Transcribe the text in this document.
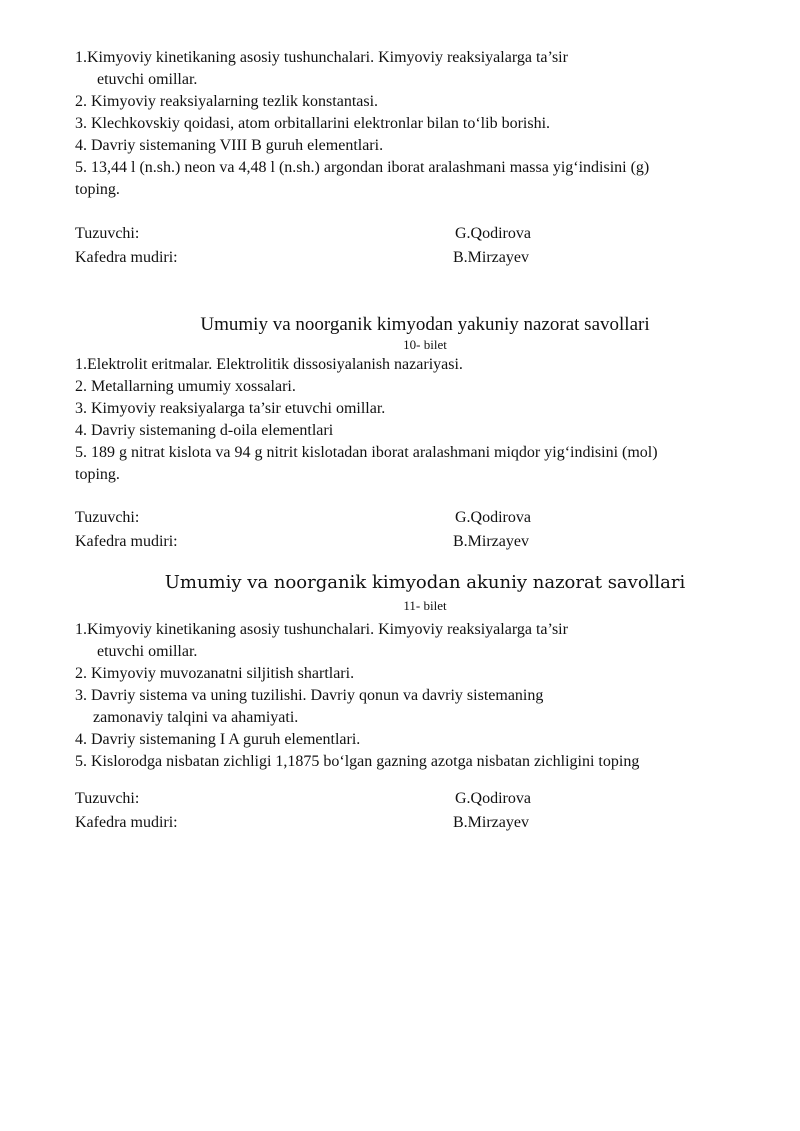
1.Kimyoviy kinetikaning asosiy tushunchalari. Kimyoviy reaksiyalarga ta’sir
etuvchi omillar.
2. Kimyoviy reaksiyalarning tezlik konstantasi.
3. Klechkovskiy qoidasi, atom orbitallarini elektronlar bilan to‘lib borishi.
4. Davriy sistemaning VIII B guruh elementlari.
5. 13,44 l (n.sh.) neon va 4,48 l (n.sh.) argondan iborat aralashmani massa yig‘indisini (g)
toping.
Tuzuvchi:	G.Qodirova
Kafedra mudiri:	B.Mirzayev
Umumiy va noorganik kimyodan yakuniy nazorat savollari
10- bilet
1.Elektrolit eritmalar. Elektrolitik dissosiyalanish nazariyasi.
2. Metallarning umumiy xossalari.
3. Kimyoviy reaksiyalarga ta’sir etuvchi omillar.
4. Davriy sistemaning d-oila elementlari
5. 189 g nitrat kislota va 94 g nitrit kislotadan iborat aralashmani miqdor yig‘indisini (mol)
toping.
Tuzuvchi:	G.Qodirova
Kafedra mudiri:	B.Mirzayev
Umumiy va noorganik kimyodan akuniy nazorat savollari
11- bilet
1.Kimyoviy kinetikaning asosiy tushunchalari. Kimyoviy reaksiyalarga ta’sir
etuvchi omillar.
2. Kimyoviy muvozanatni siljitish shartlari.
3. Davriy sistema va uning tuzilishi. Davriy qonun va davriy sistemaning
zamonaviy talqini va ahamiyati.
4. Davriy sistemaning I A guruh elementlari.
5. Kislorodga nisbatan zichligi 1,1875 bo‘lgan gazning azotga nisbatan zichligini toping
Tuzuvchi:	G.Qodirova
Kafedra mudiri:	B.Mirzayev
